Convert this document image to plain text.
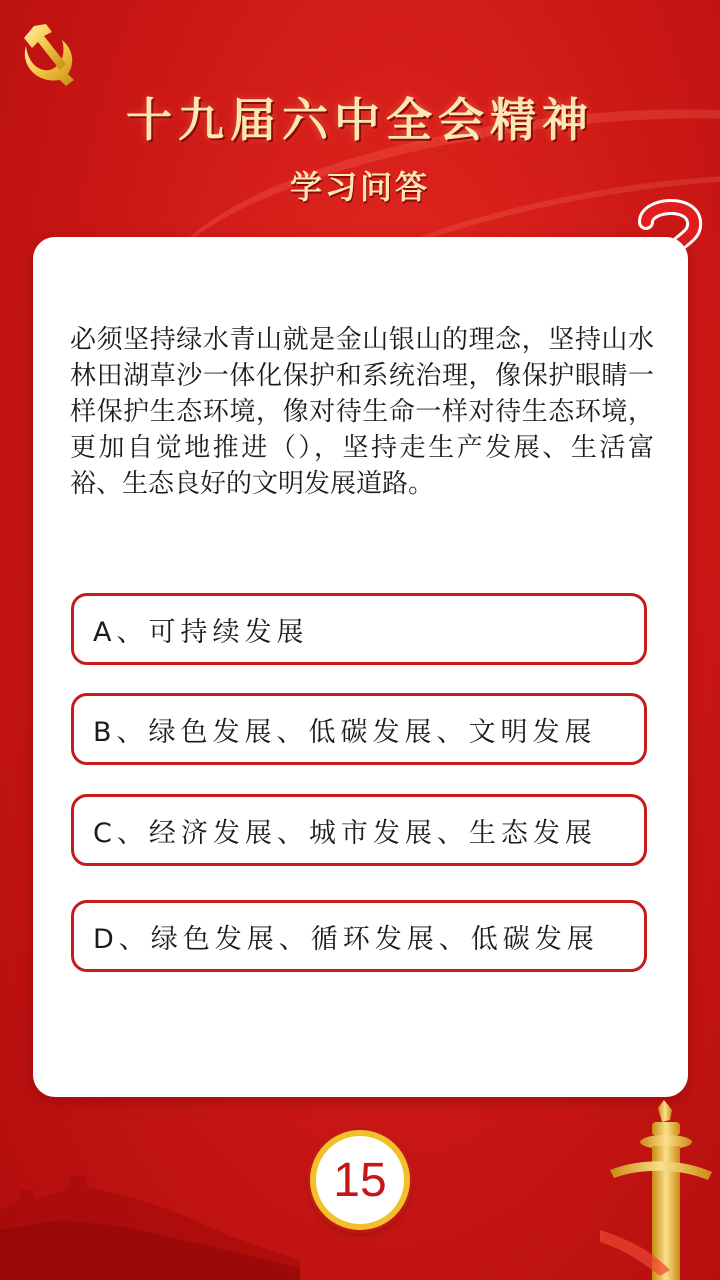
十九届六中全会精神
学习问答

必须坚持绿水青山就是金山银山的理念，坚持山水林田湖草沙一体化保护和系统治理，像保护眼睛一样保护生态环境，像对待生命一样对待生态环境，更加自觉地推进（），坚持走生产发展、生活富裕、生态良好的文明发展道路。

A、可持续发展
B、绿色发展、低碳发展、文明发展
C、经济发展、城市发展、生态发展
D、绿色发展、循环发展、低碳发展
15
